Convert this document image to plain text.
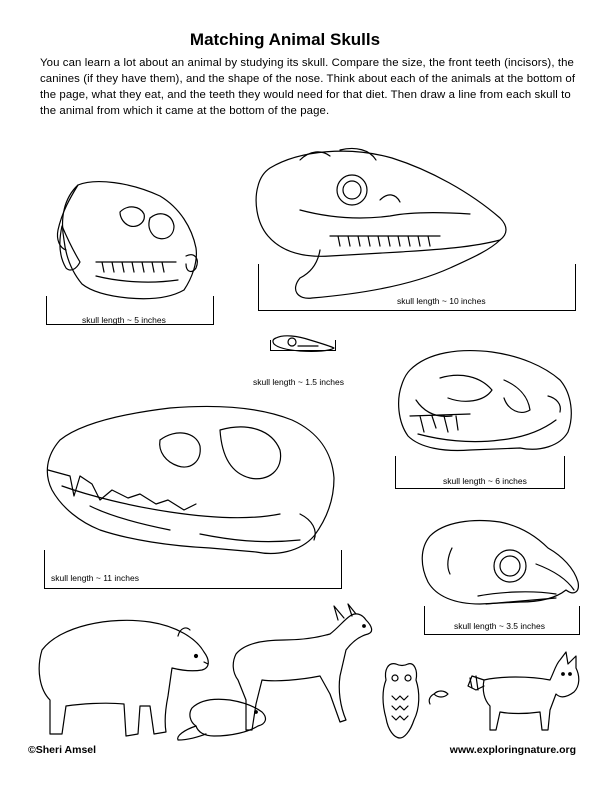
Matching Animal Skulls
You can learn a lot about an animal by studying its skull. Compare the size, the front teeth (incisors), the canines (if they have them), and the shape of the nose. Think about each of the animals at the bottom of the page, what they eat, and the teeth they would need for that diet. Then draw a line from each skull to the animal from which it came at the bottom of the page.
skull length ~ 5 inches
skull length ~ 10 inches
skull length ~ 1.5 inches
skull length ~ 6 inches
skull length ~ 11 inches
skull length ~ 3.5 inches
©Sheri Amsel	www.exploringnature.org
